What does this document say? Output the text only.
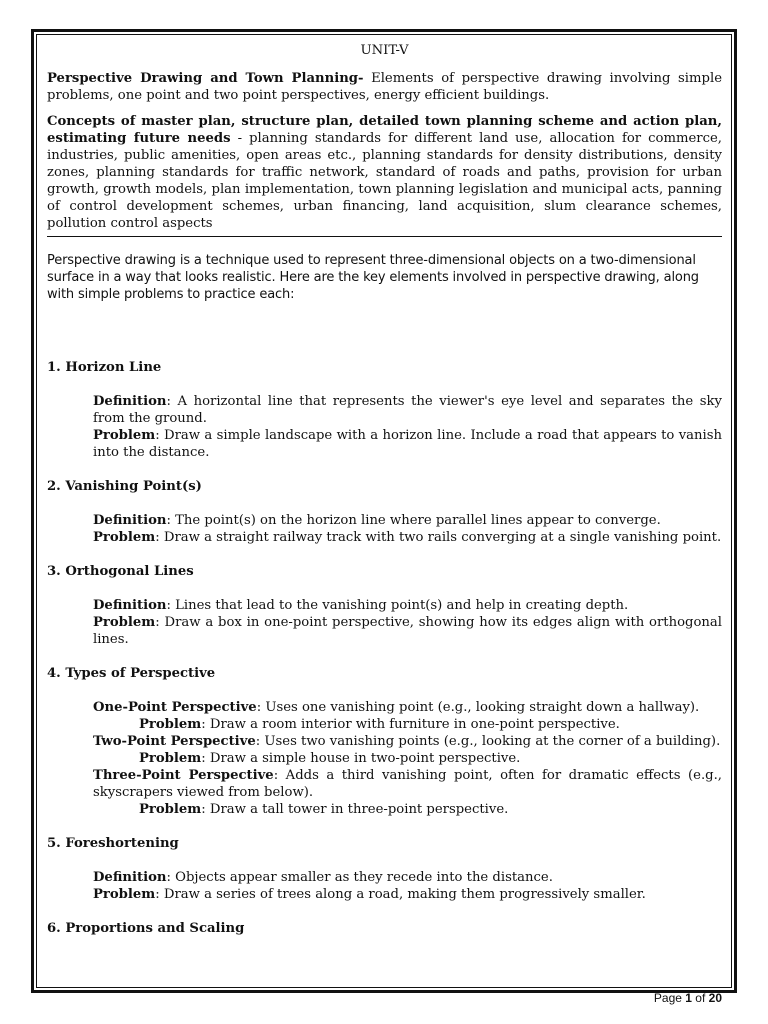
UNIT-V

Perspective Drawing and Town Planning- Elements of perspective drawing involving simple problems, one point and two point perspectives, energy efficient buildings.

Concepts of master plan, structure plan, detailed town planning scheme and action plan, estimating future needs - planning standards for different land use, allocation for commerce, industries, public amenities, open areas etc., planning standards for density distributions, density zones, planning standards for traffic network, standard of roads and paths, provision for urban growth, growth models, plan implementation, town planning legislation and municipal acts, panning of control development schemes, urban financing, land acquisition, slum clearance schemes, pollution control aspects

Perspective drawing is a technique used to represent three-dimensional objects on a two-dimensional surface in a way that looks realistic. Here are the key elements involved in perspective drawing, along with simple problems to practice each:

1. Horizon Line

Definition: A horizontal line that represents the viewer's eye level and separates the sky from the ground.

Problem: Draw a simple landscape with a horizon line. Include a road that appears to vanish into the distance.

2. Vanishing Point(s)

Definition: The point(s) on the horizon line where parallel lines appear to converge.

Problem: Draw a straight railway track with two rails converging at a single vanishing point.

3. Orthogonal Lines

Definition: Lines that lead to the vanishing point(s) and help in creating depth.

Problem: Draw a box in one-point perspective, showing how its edges align with orthogonal lines.

4. Types of Perspective

One-Point Perspective: Uses one vanishing point (e.g., looking straight down a hallway).

Problem: Draw a room interior with furniture in one-point perspective.

Two-Point Perspective: Uses two vanishing points (e.g., looking at the corner of a building).

Problem: Draw a simple house in two-point perspective.

Three-Point Perspective: Adds a third vanishing point, often for dramatic effects (e.g., skyscrapers viewed from below).

Problem: Draw a tall tower in three-point perspective.

5. Foreshortening

Definition: Objects appear smaller as they recede into the distance.

Problem: Draw a series of trees along a road, making them progressively smaller.

6. Proportions and Scaling
Page 1 of 20
